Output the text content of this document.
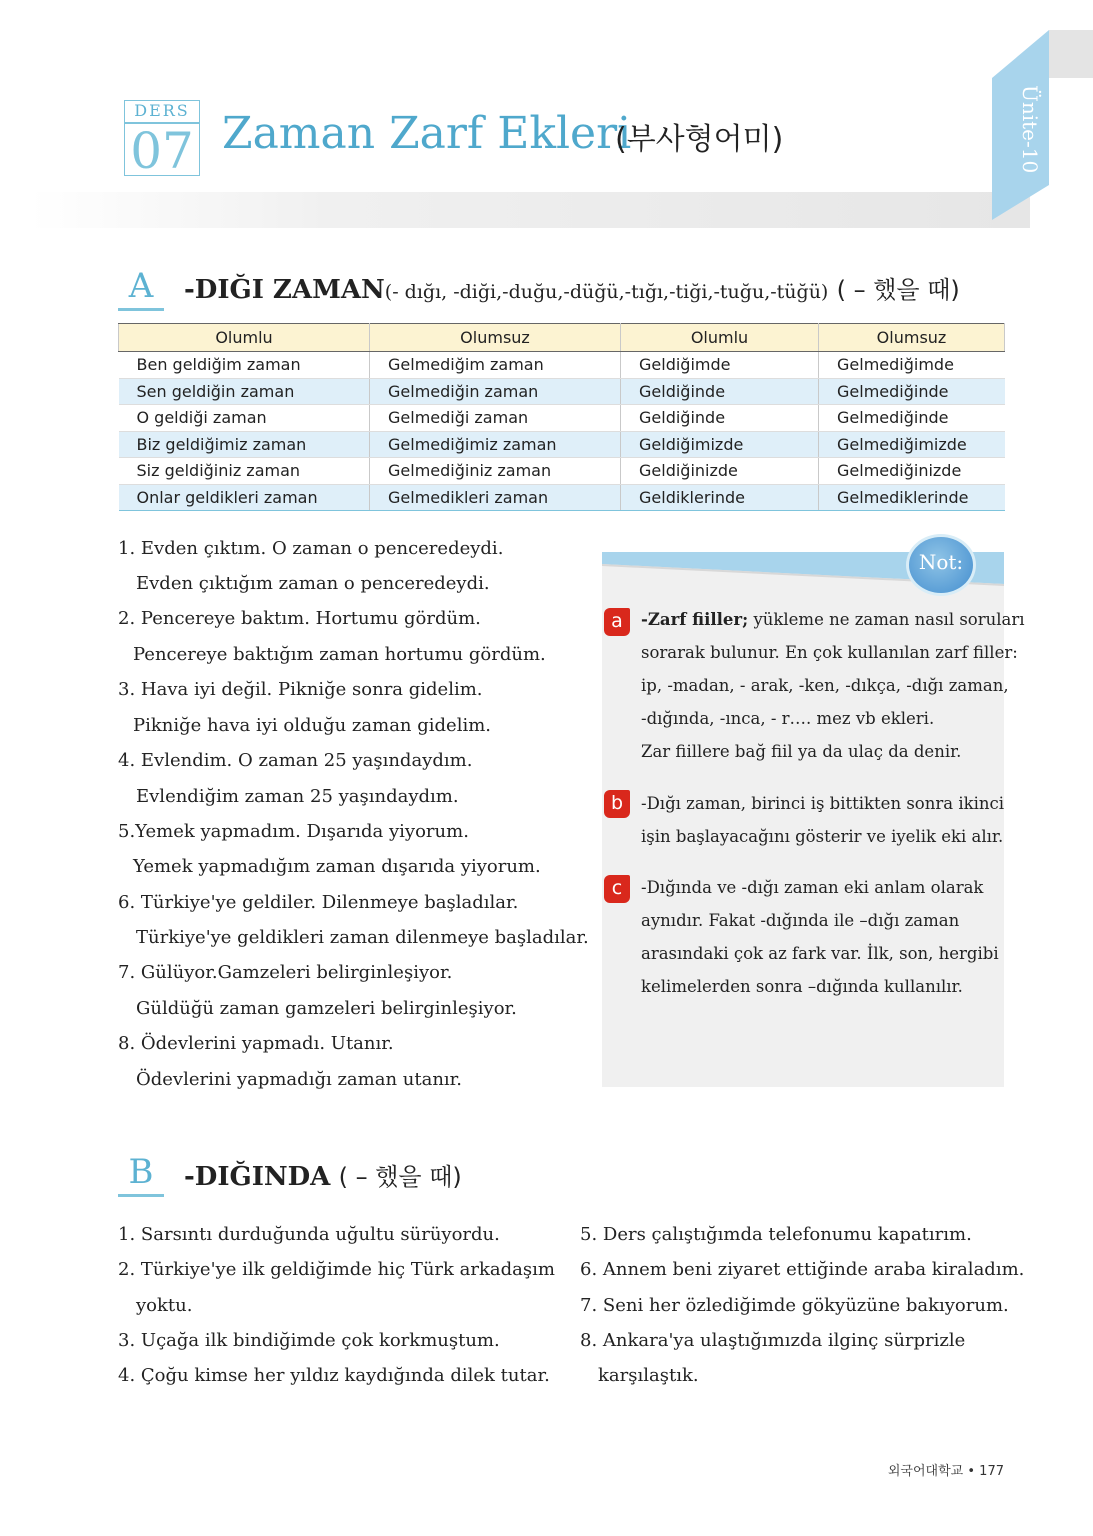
DERS
07 Zaman Zarf Ekleri
(부사형어미)	Ünite-10
A	-DIĞI ZAMAN(- dığı, -diği,-duğu,-düğü,-tığı,-tiği,-tuğu,-tüğü) ( – 했을 때)
Olumlu	Olumsuz	Olumlu	Olumsuz
Ben geldiğim zaman	Gelmediğim zaman	Geldiğimde	Gelmediğimde
Sen geldiğin zaman	Gelmediğin zaman	Geldiğinde	Gelmediğinde
O geldiği zaman	Gelmediği zaman	Geldiğinde	Gelmediğinde
Biz geldiğimiz zaman	Gelmediğimiz zaman	Geldiğimizde	Gelmediğimizde
Siz geldiğiniz zaman	Gelmediğiniz zaman	Geldiğinizde	Gelmediğinizde
Onlar geldikleri zaman	Gelmedikleri zaman	Geldiklerinde	Gelmediklerinde
1. Evden çıktım. O zaman o penceredeydi.
Evden çıktığım zaman o penceredeydi.
2. Pencereye baktım. Hortumu gördüm.
Pencereye baktığım zaman hortumu gördüm.
3. Hava iyi değil. Pikniğe sonra gidelim.
Pikniğe hava iyi olduğu zaman gidelim.
4. Evlendim. O zaman 25 yaşındaydım.
Evlendiğim zaman 25 yaşındaydım.
5.Yemek yapmadım. Dışarıda yiyorum.
Yemek yapmadığım zaman dışarıda yiyorum.
6. Türkiye'ye geldiler. Dilenmeye başladılar.
Türkiye'ye geldikleri zaman dilenmeye başladılar.
7. Gülüyor.Gamzeleri belirginleşiyor.
Güldüğü zaman gamzeleri belirginleşiyor.
8. Ödevlerini yapmadı. Utanır.
Ödevlerini yapmadığı zaman utanır.
Not:
a	-Zarf fiiller; yükleme ne zaman nasıl soruları
sorarak bulunur. En çok kullanılan zarf filler:
ip, -madan, - arak, -ken, -dıkça, -dığı zaman,
-dığında, -ınca, - r…. mez vb ekleri.
Zar fiillere bağ fiil ya da ulaç da denir.
b	-Dığı zaman, birinci iş bittikten sonra ikinci
işin başlayacağını gösterir ve iyelik eki alır.
c	-Dığında ve -dığı zaman eki anlam olarak
aynıdır. Fakat -dığında ile –dığı zaman
arasındaki çok az fark var. İlk, son, hergibi
kelimelerden sonra –dığında kullanılır.
B	-DIĞINDA ( – 했을 때)
1. Sarsıntı durduğunda uğultu sürüyordu.
2. Türkiye'ye ilk geldiğimde hiç Türk arkadaşım
yoktu.
3. Uçağa ilk bindiğimde çok korkmuştum.
4. Çoğu kimse her yıldız kaydığında dilek tutar.
5. Ders çalıştığımda telefonumu kapatırım.
6. Annem beni ziyaret ettiğinde araba kiraladım.
7. Seni her özlediğimde gökyüzüne bakıyorum.
8. Ankara'ya ulaştığımızda ilginç sürprizle
karşılaştık.
외국어대학교 • 177
